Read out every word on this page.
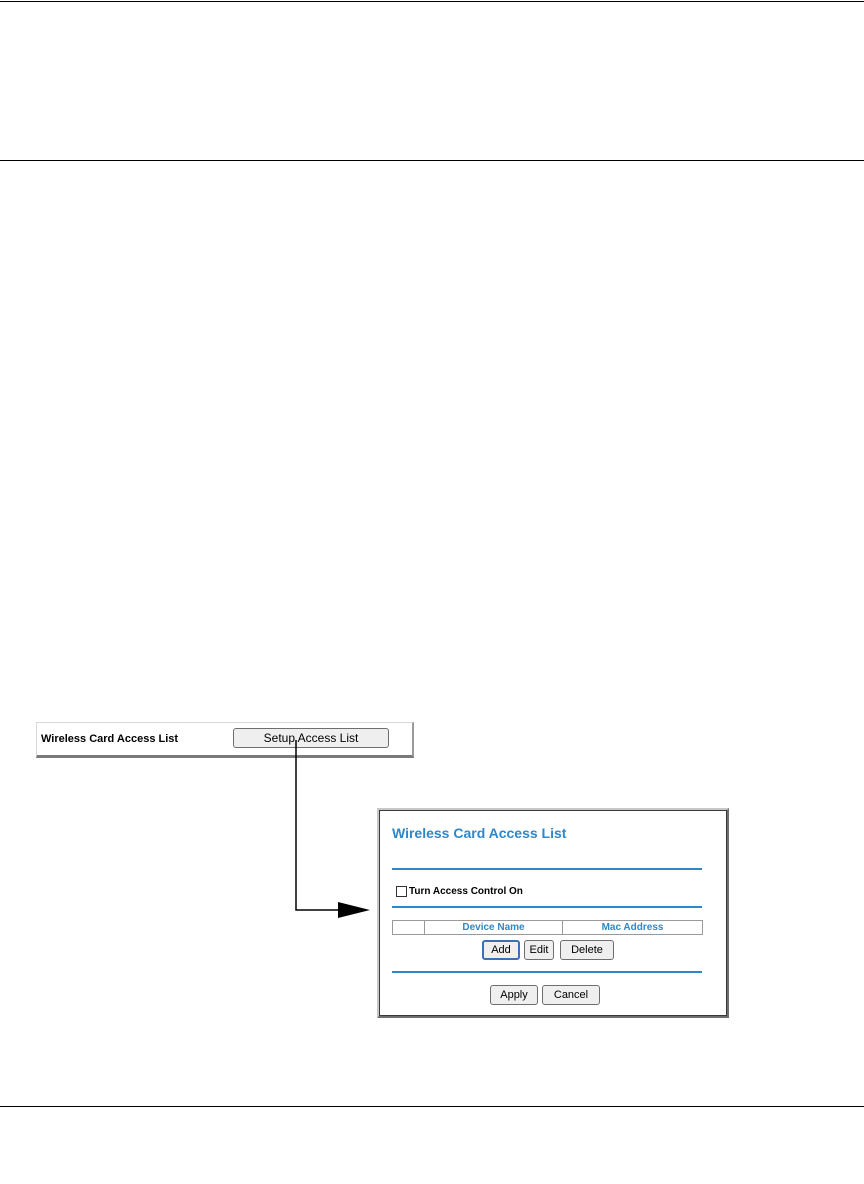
Wireless Card Access List	Setup Access List
Wireless Card Access List
Turn Access Control On
	Device Name	Mac Address
Add	Edit	Delete
Apply	Cancel
